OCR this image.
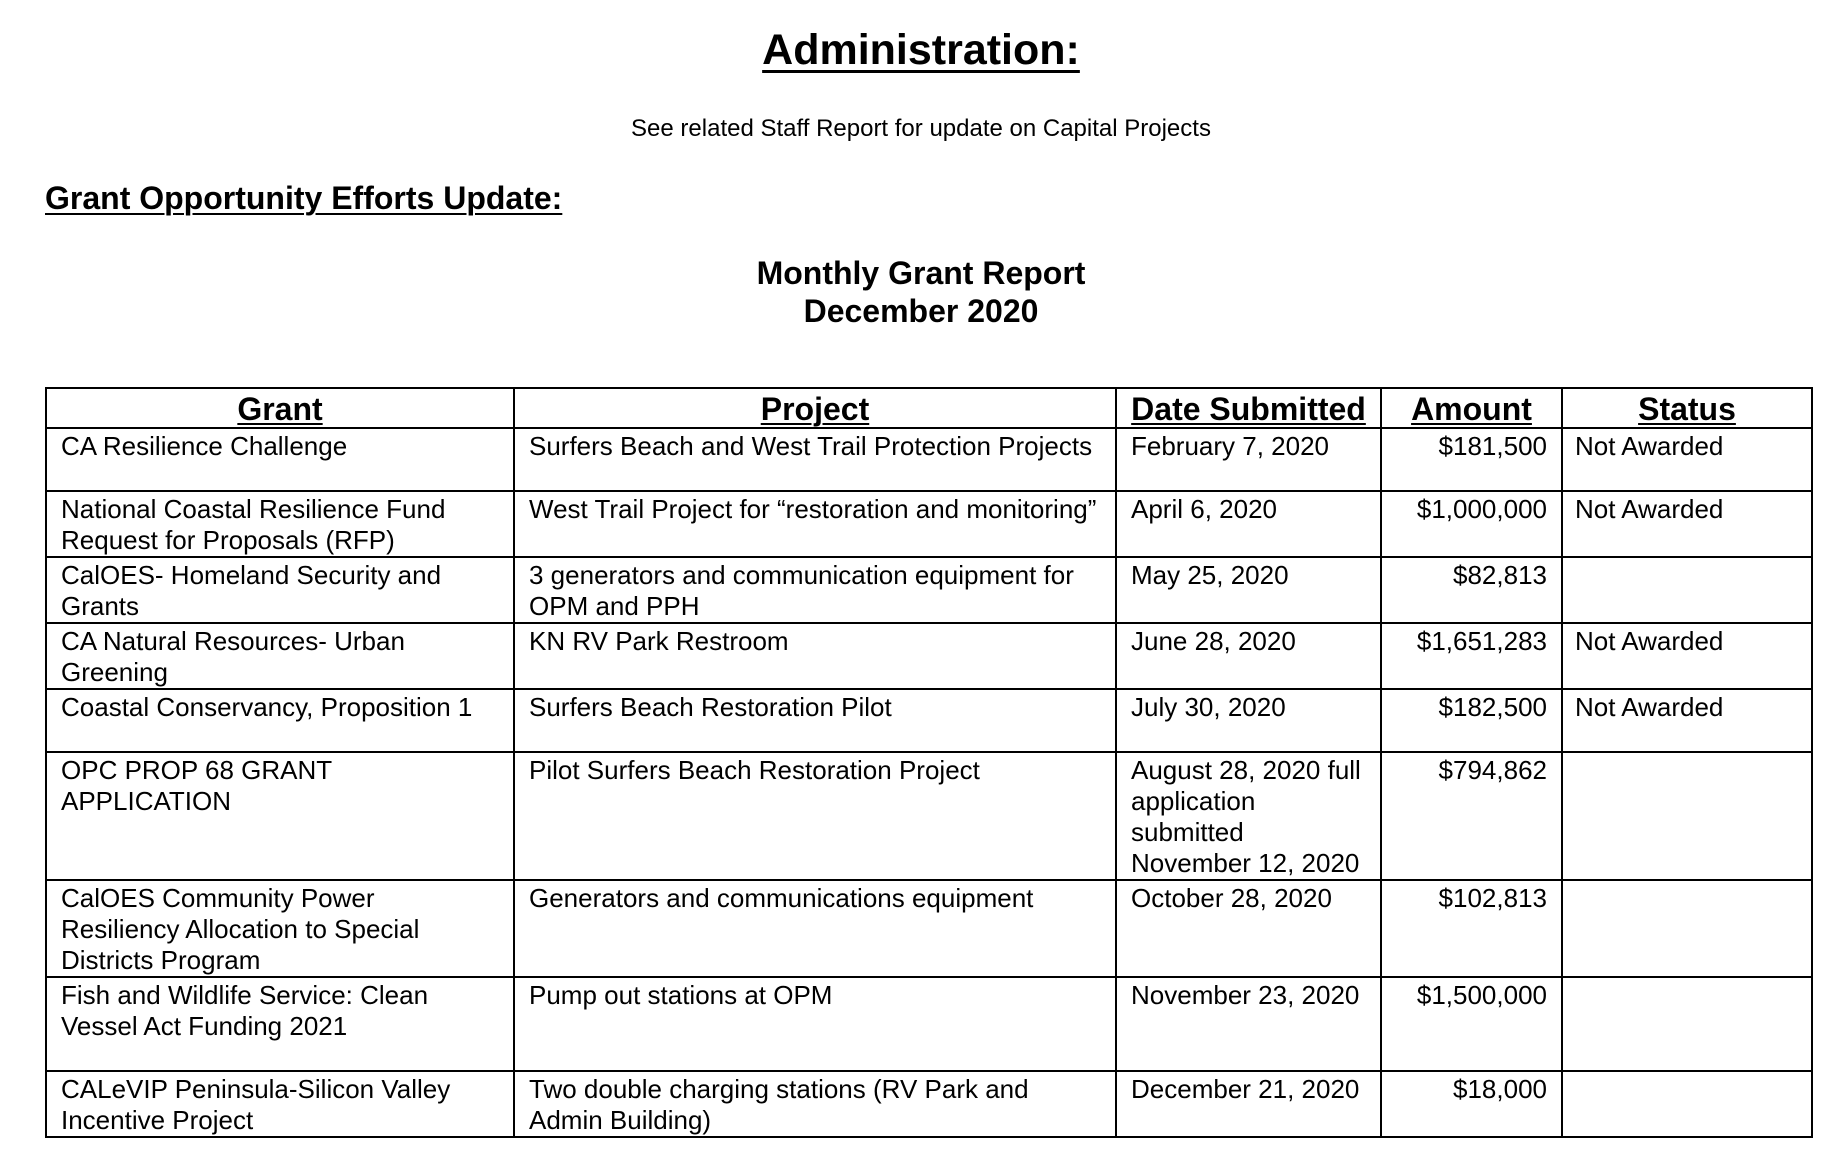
Administration:

See related Staff Report for update on Capital Projects

Grant Opportunity Efforts Update:
Monthly Grant Report
December 2020
Grant	Project	Date Submitted	Amount	Status
CA Resilience Challenge	Surfers Beach and West Trail Protection Projects	February 7, 2020	$181,500	Not Awarded
National Coastal Resilience Fund Request for Proposals (RFP)	West Trail Project for “restoration and monitoring”	April 6, 2020	$1,000,000	Not Awarded
CalOES- Homeland Security and Grants	3 generators and communication equipment for OPM and PPH	May 25, 2020	$82,813	
CA Natural Resources- Urban Greening	KN RV Park Restroom	June 28, 2020	$1,651,283	Not Awarded
Coastal Conservancy, Proposition 1	Surfers Beach Restoration Pilot	July 30, 2020	$182,500	Not Awarded
OPC PROP 68 GRANT APPLICATION	Pilot Surfers Beach Restoration Project	August 28, 2020 full application submitted November 12, 2020	$794,862	
CalOES Community Power Resiliency Allocation to Special Districts Program	Generators and communications equipment	October 28, 2020	$102,813	
Fish and Wildlife Service: Clean Vessel Act Funding 2021	Pump out stations at OPM	November 23, 2020	$1,500,000	
CALeVIP Peninsula-Silicon Valley Incentive Project	Two double charging stations (RV Park and Admin Building)	December 21, 2020	$18,000	
